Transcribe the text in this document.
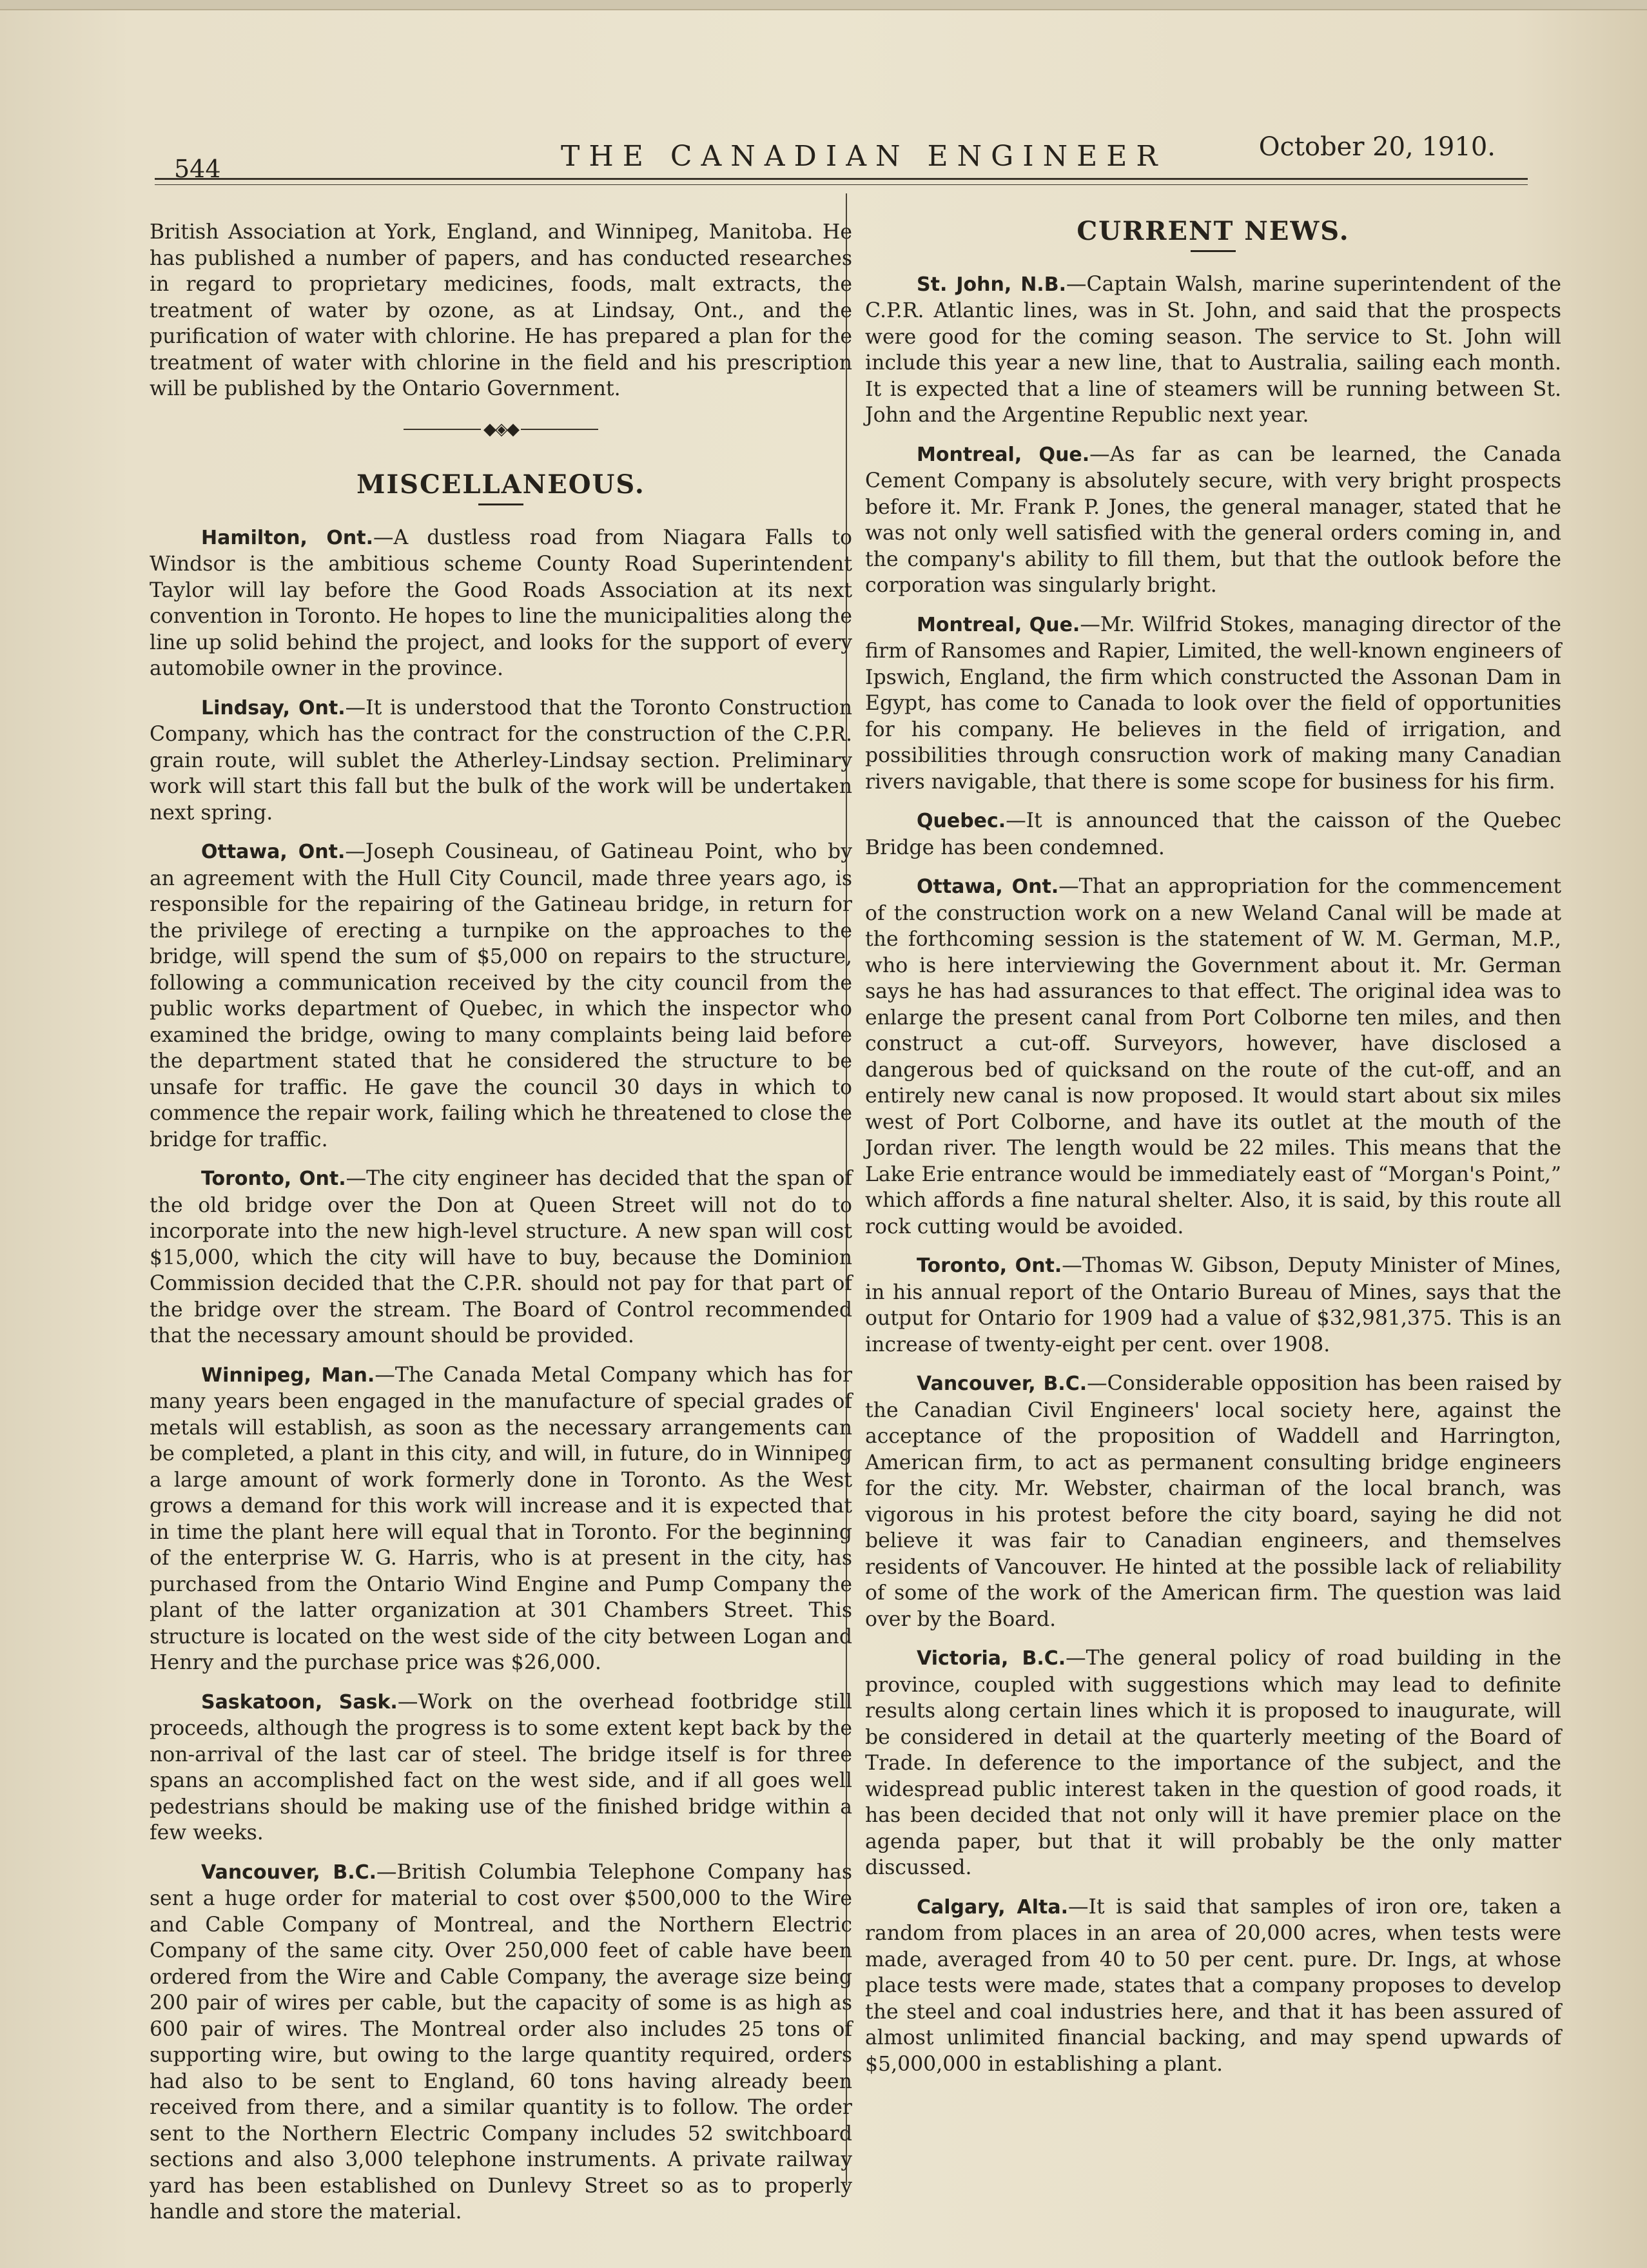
544	THE CANADIAN ENGINEER	October 20, 1910.

British Association at York, England, and Winnipeg, Manitoba. He has published a number of papers, and has conducted researches in regard to proprietary medicines, foods, malt extracts, the treatment of water by ozone, as at Lindsay, Ont., and the purification of water with chlorine. He has prepared a plan for the treatment of water with chlorine in the field and his prescription will be published by the Ontario Government.

◆◈◆
MISCELLANEOUS.

Hamilton, Ont.—A dustless road from Niagara Falls to Windsor is the ambitious scheme County Road Superintendent Taylor will lay before the Good Roads Association at its next convention in Toronto. He hopes to line the municipalities along the line up solid behind the project, and looks for the support of every automobile owner in the province.

Lindsay, Ont.—It is understood that the Toronto Construction Company, which has the contract for the construction of the C.P.R. grain route, will sublet the Atherley-Lindsay section. Preliminary work will start this fall but the bulk of the work will be undertaken next spring.

Ottawa, Ont.—Joseph Cousineau, of Gatineau Point, who by an agreement with the Hull City Council, made three years ago, is responsible for the repairing of the Gatineau bridge, in return for the privilege of erecting a turnpike on the approaches to the bridge, will spend the sum of $5,000 on repairs to the structure, following a communication received by the city council from the public works department of Quebec, in which the inspector who examined the bridge, owing to many complaints being laid before the department stated that he considered the structure to be unsafe for traffic. He gave the council 30 days in which to commence the repair work, failing which he threatened to close the bridge for traffic.

Toronto, Ont.—The city engineer has decided that the span of the old bridge over the Don at Queen Street will not do to incorporate into the new high-level structure. A new span will cost $15,000, which the city will have to buy, because the Dominion Commission decided that the C.P.R. should not pay for that part of the bridge over the stream. The Board of Control recommended that the necessary amount should be provided.

Winnipeg, Man.—The Canada Metal Company which has for many years been engaged in the manufacture of special grades of metals will establish, as soon as the necessary arrangements can be completed, a plant in this city, and will, in future, do in Winnipeg a large amount of work formerly done in Toronto. As the West grows a demand for this work will increase and it is expected that in time the plant here will equal that in Toronto. For the beginning of the enterprise W. G. Harris, who is at present in the city, has purchased from the Ontario Wind Engine and Pump Company the plant of the latter organization at 301 Chambers Street. This structure is located on the west side of the city between Logan and Henry and the purchase price was $26,000.

Saskatoon, Sask.—Work on the overhead footbridge still proceeds, although the progress is to some extent kept back by the non-arrival of the last car of steel. The bridge itself is for three spans an accomplished fact on the west side, and if all goes well pedestrians should be making use of the finished bridge within a few weeks.

Vancouver, B.C.—British Columbia Telephone Company has sent a huge order for material to cost over $500,000 to the Wire and Cable Company of Montreal, and the Northern Electric Company of the same city. Over 250,000 feet of cable have been ordered from the Wire and Cable Company, the average size being 200 pair of wires per cable, but the capacity of some is as high as 600 pair of wires. The Montreal order also includes 25 tons of supporting wire, but owing to the large quantity required, orders had also to be sent to England, 60 tons having already been received from there, and a similar quantity is to follow. The order sent to the Northern Electric Company includes 52 switchboard sections and also 3,000 telephone instruments. A private railway yard has been established on Dunlevy Street so as to properly handle and store the material.

CURRENT NEWS.

St. John, N.B.—Captain Walsh, marine superintendent of the C.P.R. Atlantic lines, was in St. John, and said that the prospects were good for the coming season. The service to St. John will include this year a new line, that to Australia, sailing each month. It is expected that a line of steamers will be running between St. John and the Argentine Republic next year.

Montreal, Que.—As far as can be learned, the Canada Cement Company is absolutely secure, with very bright prospects before it. Mr. Frank P. Jones, the general manager, stated that he was not only well satisfied with the general orders coming in, and the company's ability to fill them, but that the outlook before the corporation was singularly bright.

Montreal, Que.—Mr. Wilfrid Stokes, managing director of the firm of Ransomes and Rapier, Limited, the well-known engineers of Ipswich, England, the firm which constructed the Assonan Dam in Egypt, has come to Canada to look over the field of opportunities for his company. He believes in the field of irrigation, and possibilities through consruction work of making many Canadian rivers navigable, that there is some scope for business for his firm.

Quebec.—It is announced that the caisson of the Quebec Bridge has been condemned.

Ottawa, Ont.—That an appropriation for the commencement of the construction work on a new Weland Canal will be made at the forthcoming session is the statement of W. M. German, M.P., who is here interviewing the Government about it. Mr. German says he has had assurances to that effect. The original idea was to enlarge the present canal from Port Colborne ten miles, and then construct a cut-off. Surveyors, however, have disclosed a dangerous bed of quicksand on the route of the cut-off, and an entirely new canal is now proposed. It would start about six miles west of Port Colborne, and have its outlet at the mouth of the Jordan river. The length would be 22 miles. This means that the Lake Erie entrance would be immediately east of “Morgan's Point,” which affords a fine natural shelter. Also, it is said, by this route all rock cutting would be avoided.

Toronto, Ont.—Thomas W. Gibson, Deputy Minister of Mines, in his annual report of the Ontario Bureau of Mines, says that the output for Ontario for 1909 had a value of $32,981,375. This is an increase of twenty-eight per cent. over 1908.

Vancouver, B.C.—Considerable opposition has been raised by the Canadian Civil Engineers' local society here, against the acceptance of the proposition of Waddell and Harrington, American firm, to act as permanent consulting bridge engineers for the city. Mr. Webster, chairman of the local branch, was vigorous in his protest before the city board, saying he did not believe it was fair to Canadian engineers, and themselves residents of Vancouver. He hinted at the possible lack of reliability of some of the work of the American firm. The question was laid over by the Board.

Victoria, B.C.—The general policy of road building in the province, coupled with suggestions which may lead to definite results along certain lines which it is proposed to inaugurate, will be considered in detail at the quarterly meeting of the Board of Trade. In deference to the importance of the subject, and the widespread public interest taken in the question of good roads, it has been decided that not only will it have premier place on the agenda paper, but that it will probably be the only matter discussed.

Calgary, Alta.—It is said that samples of iron ore, taken a random from places in an area of 20,000 acres, when tests were made, averaged from 40 to 50 per cent. pure. Dr. Ings, at whose place tests were made, states that a company proposes to develop the steel and coal industries here, and that it has been assured of almost unlimited financial backing, and may spend upwards of $5,000,000 in establishing a plant.
